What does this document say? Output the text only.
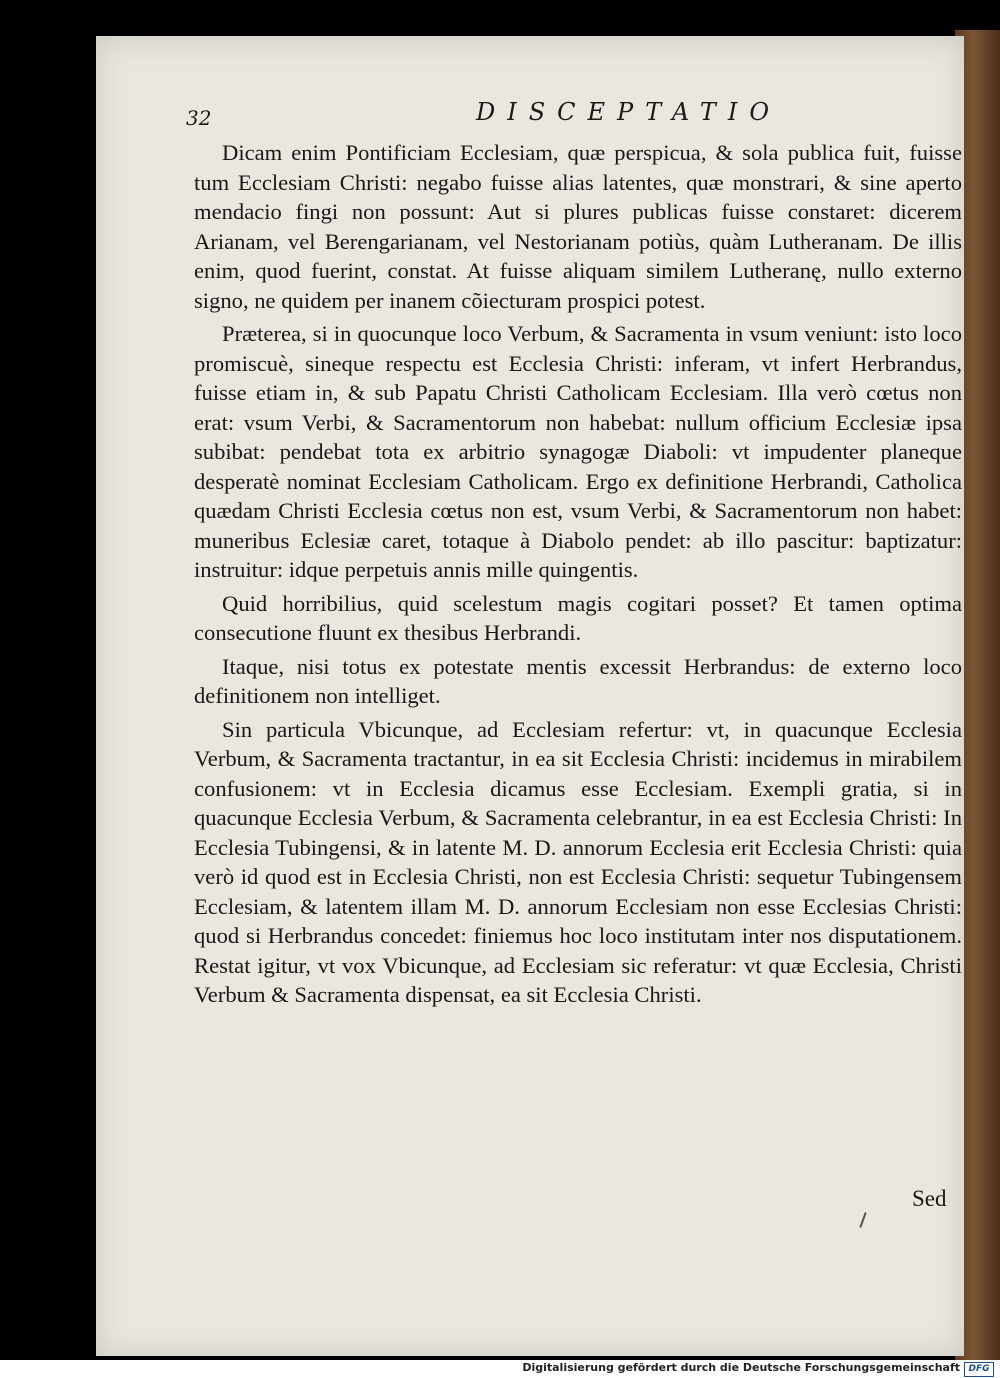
32	DISCEPTATIO

Dicam enim Pontificiam Ecclesiam, quæ perspicua, & sola publica fuit, fuisse tum Ecclesiam Christi: negabo fuisse alias latentes, quæ monstrari, & sine aperto mendacio fingi non possunt: Aut si plures publicas fuisse constaret: dicerem Arianam, vel Berengarianam, vel Nestorianam potiùs, quàm Lutheranam. De illis enim, quod fuerint, constat. At fuisse aliquam similem Lutheranę, nullo externo signo, ne quidem per inanem cõiecturam prospici potest.

Præterea, si in quocunque loco Verbum, & Sacramenta in vsum veniunt: isto loco promiscuè, sineque respectu est Ecclesia Christi: inferam, vt infert Herbrandus, fuisse etiam in, & sub Papatu Christi Catholicam Ecclesiam. Illa verò cœtus non erat: vsum Verbi, & Sacramentorum non habebat: nullum officium Ecclesiæ ipsa subibat: pendebat tota ex arbitrio synagogæ Diaboli: vt impudenter planeque desperatè nominat Ecclesiam Catholicam. Ergo ex definitione Herbrandi, Catholica quædam Christi Ecclesia cœtus non est, vsum Verbi, & Sacramentorum non habet: muneribus Eclesiæ caret, totaque à Diabolo pendet: ab illo pascitur: baptizatur: instruitur: idque perpetuis annis mille quingentis.

Quid horribilius, quid scelestum magis cogitari posset? Et tamen optima consecutione fluunt ex thesibus Herbrandi.

Itaque, nisi totus ex potestate mentis excessit Herbrandus: de externo loco definitionem non intelliget.

Sin particula Vbicunque, ad Ecclesiam refertur: vt, in quacunque Ecclesia Verbum, & Sacramenta tractantur, in ea sit Ecclesia Christi: incidemus in mirabilem confusionem: vt in Ecclesia dicamus esse Ecclesiam. Exempli gratia, si in quacunque Ecclesia Verbum, & Sacramenta celebrantur, in ea est Ecclesia Christi: In Ecclesia Tubingensi, & in latente M. D. annorum Ecclesia erit Ecclesia Christi: quia verò id quod est in Ecclesia Christi, non est Ecclesia Christi: sequetur Tubingensem Ecclesiam, & latentem illam M. D. annorum Ecclesiam non esse Ecclesias Christi: quod si Herbrandus concedet: finiemus hoc loco institutam inter nos disputationem. Restat igitur, vt vox Vbicunque, ad Ecclesiam sic referatur: vt quæ Ecclesia, Christi Verbum & Sacramenta dispensat, ea sit Ecclesia Christi.

Sed
Digitalisierung gefördert durch die Deutsche Forschungsgemeinschaft DFG
